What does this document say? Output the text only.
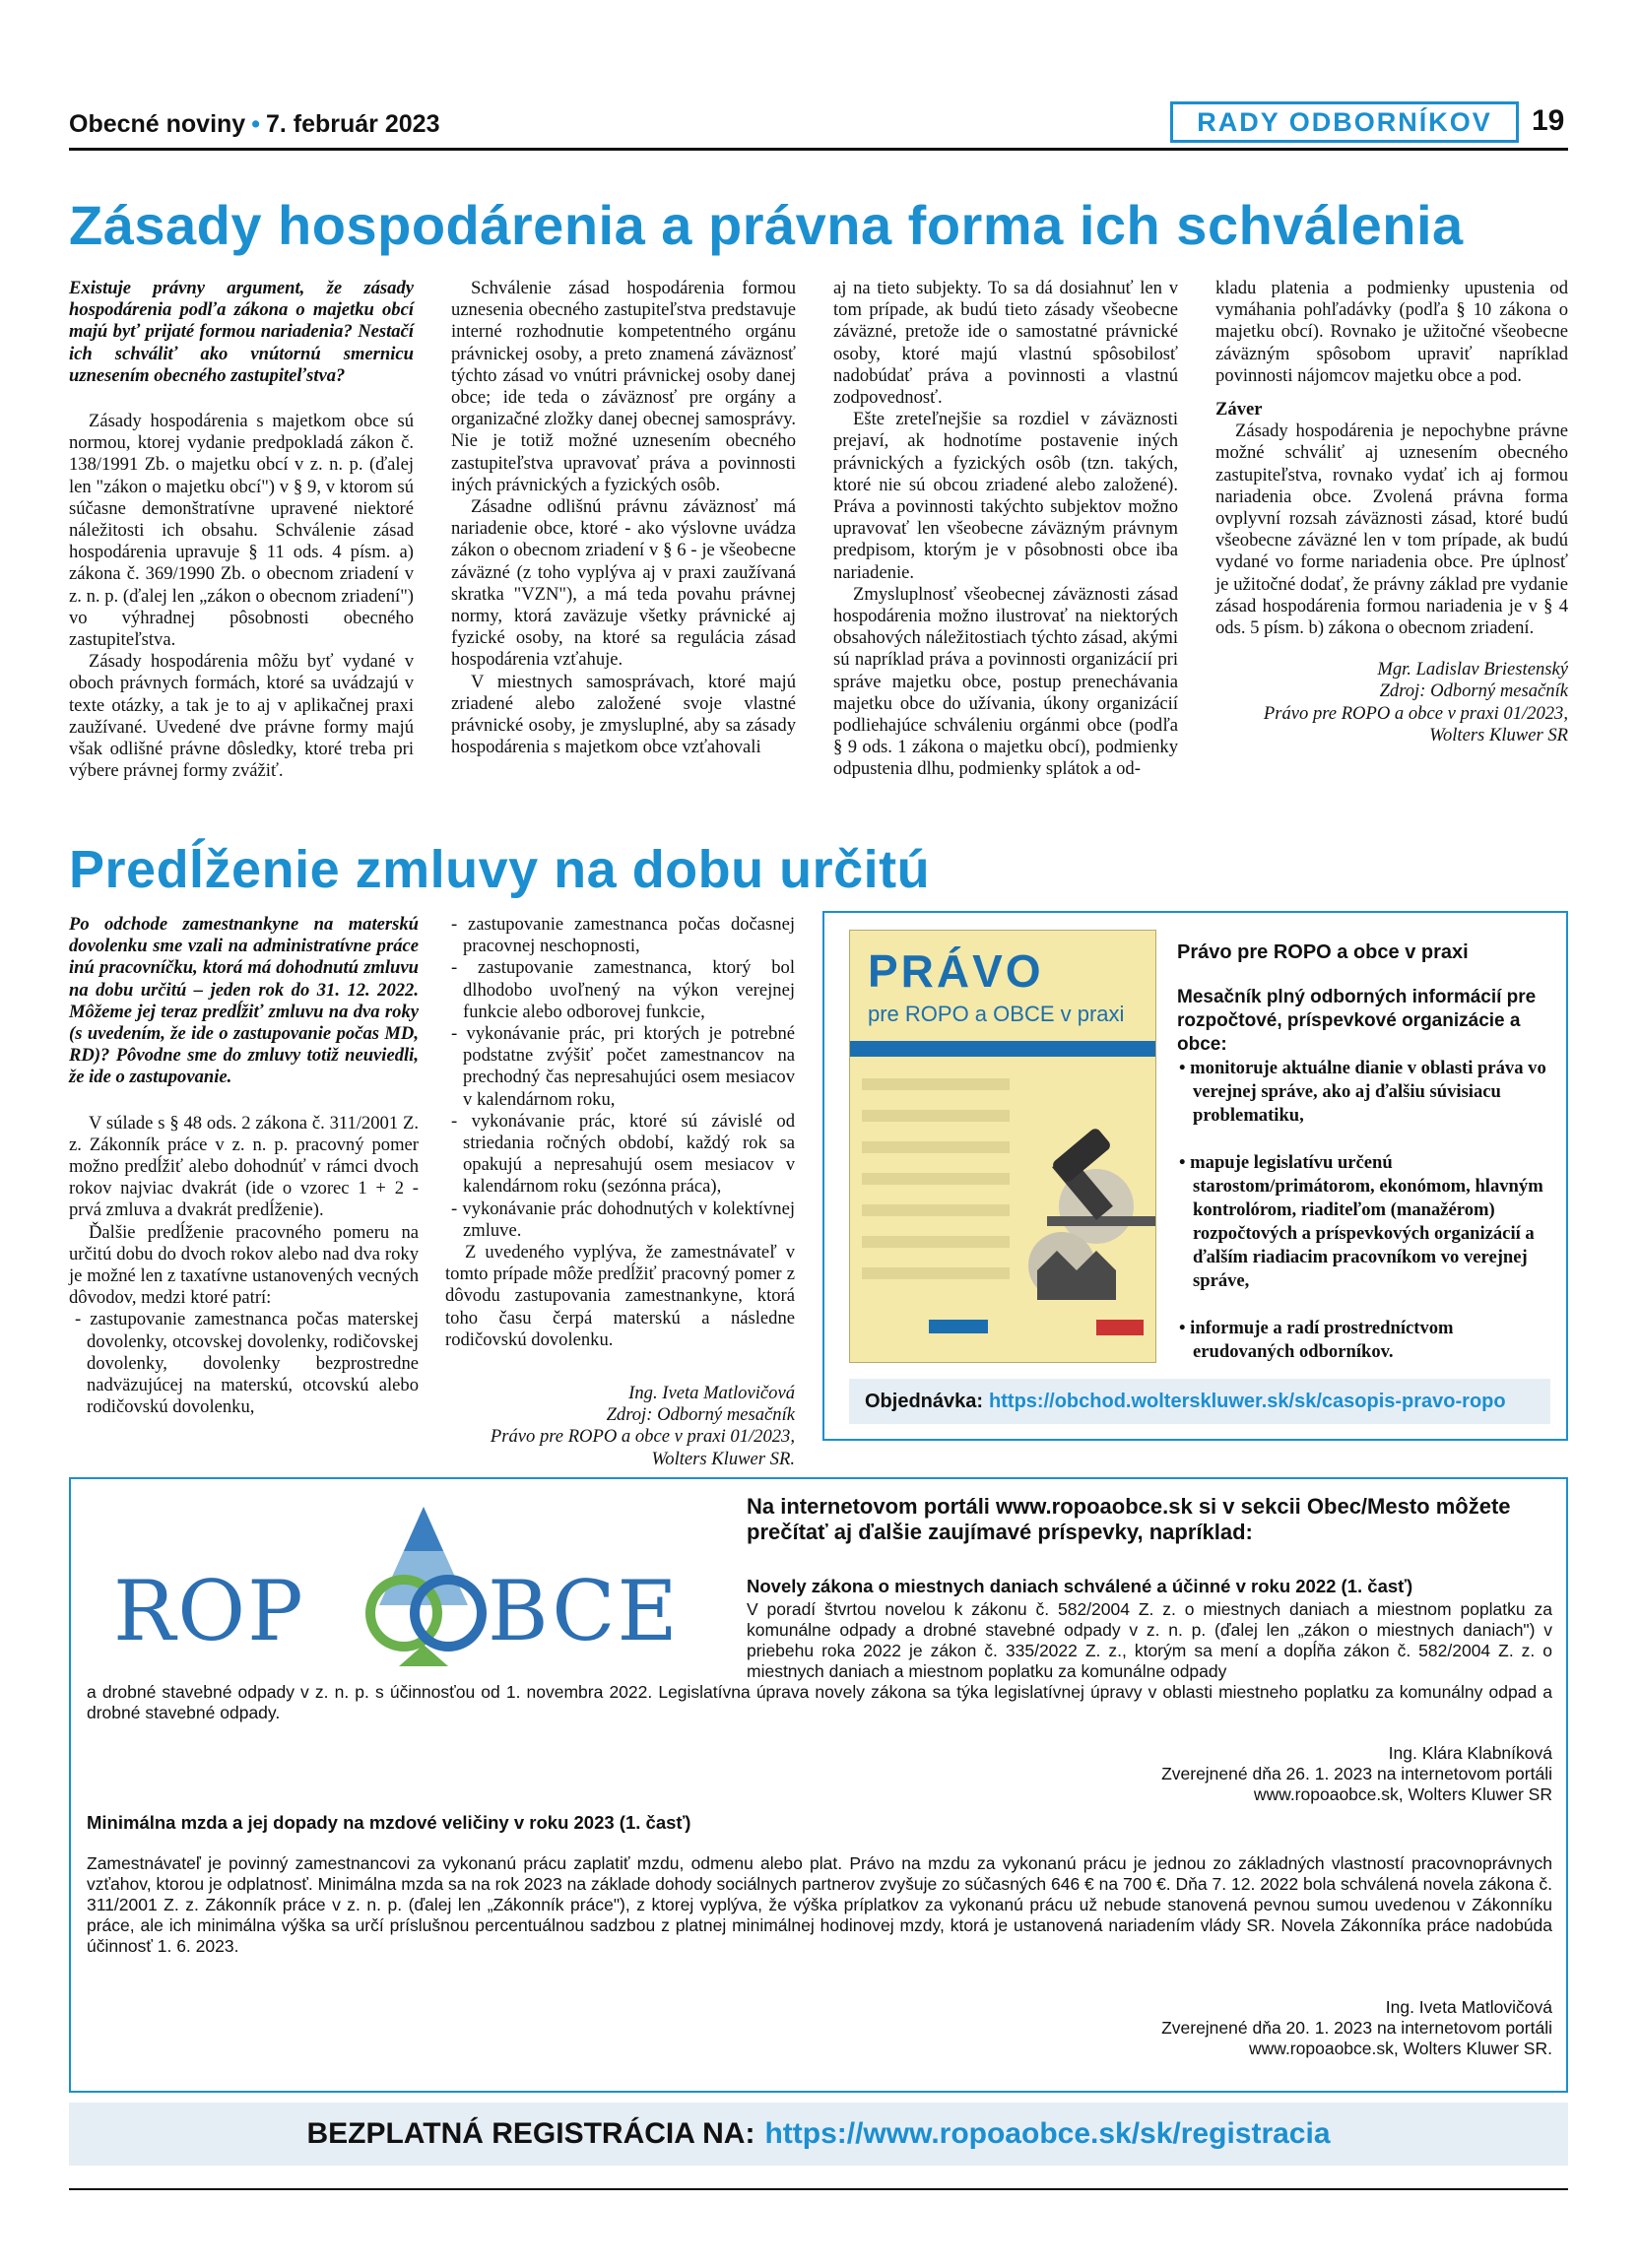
Obecné noviny • 7. február 2023	RADY ODBORNÍKOV	19
Zásady hospodárenia a právna forma ich schválenia

Existuje právny argument, že zásady hospodárenia podľa zákona o majetku obcí majú byť prijaté formou nariadenia? Nestačí ich schváliť ako vnútornú smernicu uznesením obecného zastupiteľstva?

Zásady hospodárenia s majetkom obce sú normou, ktorej vydanie predpokladá zákon č. 138/1991 Zb. o majetku obcí v z. n. p. (ďalej len "zákon o majetku obcí") v § 9, v ktorom sú súčasne demonštratívne upravené niektoré náležitosti ich obsahu. Schválenie zásad hospodárenia upravuje § 11 ods. 4 písm. a) zákona č. 369/1990 Zb. o obecnom zriadení v z. n. p. (ďalej len „zákon o obecnom zriadení") vo výhradnej pôsobnosti obecného zastupiteľstva.

Zásady hospodárenia môžu byť vydané v oboch právnych formách, ktoré sa uvádzajú v texte otázky, a tak je to aj v aplikačnej praxi zaužívané. Uvedené dve právne formy majú však odlišné právne dôsledky, ktoré treba pri výbere právnej formy zvážiť.

Schválenie zásad hospodárenia formou uznesenia obecného zastupiteľstva predstavuje interné rozhodnutie kompetentného orgánu právnickej osoby, a preto znamená záväznosť týchto zásad vo vnútri právnickej osoby danej obce; ide teda o záväznosť pre orgány a organizačné zložky danej obecnej samosprávy. Nie je totiž možné uznesením obecného zastupiteľstva upravovať práva a povinnosti iných právnických a fyzických osôb.

Zásadne odlišnú právnu záväznosť má nariadenie obce, ktoré - ako výslovne uvádza zákon o obecnom zriadení v § 6 - je všeobecne záväzné (z toho vyplýva aj v praxi zaužívaná skratka "VZN"), a má teda povahu právnej normy, ktorá zaväzuje všetky právnické aj fyzické osoby, na ktoré sa regulácia zásad hospodárenia vzťahuje.

V miestnych samosprávach, ktoré majú zriadené alebo založené svoje vlastné právnické osoby, je zmysluplné, aby sa zásady hospodárenia s majetkom obce vzťahovali

aj na tieto subjekty. To sa dá dosiahnuť len v tom prípade, ak budú tieto zásady všeobecne záväzné, pretože ide o samostatné právnické osoby, ktoré majú vlastnú spôsobilosť nadobúdať práva a povinnosti a vlastnú zodpovednosť.

Ešte zreteľnejšie sa rozdiel v záväznosti prejaví, ak hodnotíme postavenie iných právnických a fyzických osôb (tzn. takých, ktoré nie sú obcou zriadené alebo založené). Práva a povinnosti takýchto subjektov možno upravovať len všeobecne záväzným právnym predpisom, ktorým je v pôsobnosti obce iba nariadenie.

Zmysluplnosť všeobecnej záväznosti zásad hospodárenia možno ilustrovať na niektorých obsahových náležitostiach týchto zásad, akými sú napríklad práva a povinnosti organizácií pri správe majetku obce, postup prenechávania majetku obce do užívania, úkony organizácií podliehajúce schváleniu orgánmi obce (podľa § 9 ods. 1 zákona o majetku obcí), podmienky odpustenia dlhu, podmienky splátok a od-

kladu platenia a podmienky upustenia od vymáhania pohľadávky (podľa § 10 zákona o majetku obcí). Rovnako je užitočné všeobecne záväzným spôsobom upraviť napríklad povinnosti nájomcov majetku obce a pod.

Záver

Zásady hospodárenia je nepochybne právne možné schváliť aj uznesením obecného zastupiteľstva, rovnako vydať ich aj formou nariadenia obce. Zvolená právna forma ovplyvní rozsah záväznosti zásad, ktoré budú všeobecne záväzné len v tom prípade, ak budú vydané vo forme nariadenia obce. Pre úplnosť je užitočné dodať, že právny základ pre vydanie zásad hospodárenia formou nariadenia je v § 4 ods. 5 písm. b) zákona o obecnom zriadení.

Mgr. Ladislav Briestenský
Zdroj: Odborný mesačník
Právo pre ROPO a obce v praxi 01/2023,
Wolters Kluwer SR
Predĺženie zmluvy na dobu určitú

Po odchode zamestnankyne na materskú dovolenku sme vzali na administratívne práce inú pracovníčku, ktorá má dohodnutú zmluvu na dobu určitú – jeden rok do 31. 12. 2022. Môžeme jej teraz predĺžiť zmluvu na dva roky (s uvedením, že ide o zastupovanie počas MD, RD)? Pôvodne sme do zmluvy totiž neuviedli, že ide o zastupovanie.

V súlade s § 48 ods. 2 zákona č. 311/2001 Z. z. Zákonník práce v z. n. p. pracovný pomer možno predĺžiť alebo dohodnúť v rámci dvoch rokov najviac dvakrát (ide o vzorec 1 + 2 - prvá zmluva a dvakrát predĺženie).

Ďalšie predĺženie pracovného pomeru na určitú dobu do dvoch rokov alebo nad dva roky je možné len z taxatívne ustanovených vecných dôvodov, medzi ktoré patrí:

- zastupovanie zamestnanca počas materskej dovolenky, otcovskej dovolenky, rodičovskej dovolenky, dovolenky bezprostredne nadväzujúcej na materskú, otcovskú alebo rodičovskú dovolenku,
- zastupovanie zamestnanca počas dočasnej pracovnej neschopnosti,
- zastupovanie zamestnanca, ktorý bol dlhodobo uvoľnený na výkon verejnej funkcie alebo odborovej funkcie,
- vykonávanie prác, pri ktorých je potrebné podstatne zvýšiť počet zamestnancov na prechodný čas nepresahujúci osem mesiacov v kalendárnom roku,
- vykonávanie prác, ktoré sú závislé od striedania ročných období, každý rok sa opakujú a nepresahujú osem mesiacov v kalendárnom roku (sezónna práca),
- vykonávanie prác dohodnutých v kolektívnej zmluve.

Z uvedeného vyplýva, že zamestnávateľ v tomto prípade môže predĺžiť pracovný pomer z dôvodu zastupovania zamestnankyne, ktorá toho času čerpá materskú a následne rodičovskú dovolenku.

Ing. Iveta Matlovičová
Zdroj: Odborný mesačník
Právo pre ROPO a obce v praxi 01/2023,
Wolters Kluwer SR.
PRÁVO
pre ROPO a OBCE v praxi
Právo pre ROPO a obce v praxi
Mesačník plný odborných informácií pre rozpočtové, príspevkové organizácie a obce:
• monitoruje aktuálne dianie v oblasti práva vo verejnej správe, ako aj ďalšiu súvisiacu problematiku,
• mapuje legislatívu určenú starostom/primátorom, ekonómom, hlavným kontrolórom, riaditeľom (manažérom) rozpočtových a príspevkových organizácií a ďalším riadiacim pracovníkom vo verejnej správe,
• informuje a radí prostredníctvom erudovaných odborníkov.
Objednávka: https://obchod.wolterskluwer.sk/sk/casopis-pravo-ropo
ROP BCE
Na internetovom portáli www.ropoaobce.sk si v sekcii Obec/Mesto môžete prečítať aj ďalšie zaujímavé príspevky, napríklad:
Novely zákona o miestnych daniach schválené a účinné v roku 2022 (1. časť)
V poradí štvrtou novelou k zákonu č. 582/2004 Z. z. o miestnych daniach a miestnom poplatku za komunálne odpady a drobné stavebné odpady v z. n. p. (ďalej len „zákon o miestnych daniach") v priebehu roka 2022 je zákon č. 335/2022 Z. z., ktorým sa mení a dopĺňa zákon č. 582/2004 Z. z. o miestnych daniach a miestnom poplatku za komunálne odpady
a drobné stavebné odpady v z. n. p. s účinnosťou od 1. novembra 2022. Legislatívna úprava novely zákona sa týka legislatívnej úpravy v oblasti miestneho poplatku za komunálny odpad a drobné stavebné odpady.
Ing. Klára Klabníková
Zverejnené dňa 26. 1. 2023 na internetovom portáli
www.ropoaobce.sk, Wolters Kluwer SR
Minimálna mzda a jej dopady na mzdové veličiny v roku 2023 (1. časť)
Zamestnávateľ je povinný zamestnancovi za vykonanú prácu zaplatiť mzdu, odmenu alebo plat. Právo na mzdu za vykonanú prácu je jednou zo základných vlastností pracovnoprávnych vzťahov, ktorou je odplatnosť. Minimálna mzda sa na rok 2023 na základe dohody sociálnych partnerov zvyšuje zo súčasných 646 € na 700 €. Dňa 7. 12. 2022 bola schválená novela zákona č. 311/2001 Z. z. Zákonník práce v z. n. p. (ďalej len „Zákonník práce"), z ktorej vyplýva, že výška príplatkov za vykonanú prácu už nebude stanovená pevnou sumou uvedenou v Zákonníku práce, ale ich minimálna výška sa určí príslušnou percentuálnou sadzbou z platnej minimálnej hodinovej mzdy, ktorá je ustanovená nariadením vlády SR. Novela Zákonníka práce nadobúda účinnosť 1. 6. 2023.
Ing. Iveta Matlovičová
Zverejnené dňa 20. 1. 2023 na internetovom portáli
www.ropoaobce.sk, Wolters Kluwer SR.
BEZPLATNÁ REGISTRÁCIA NA: https://www.ropoaobce.sk/sk/registracia
